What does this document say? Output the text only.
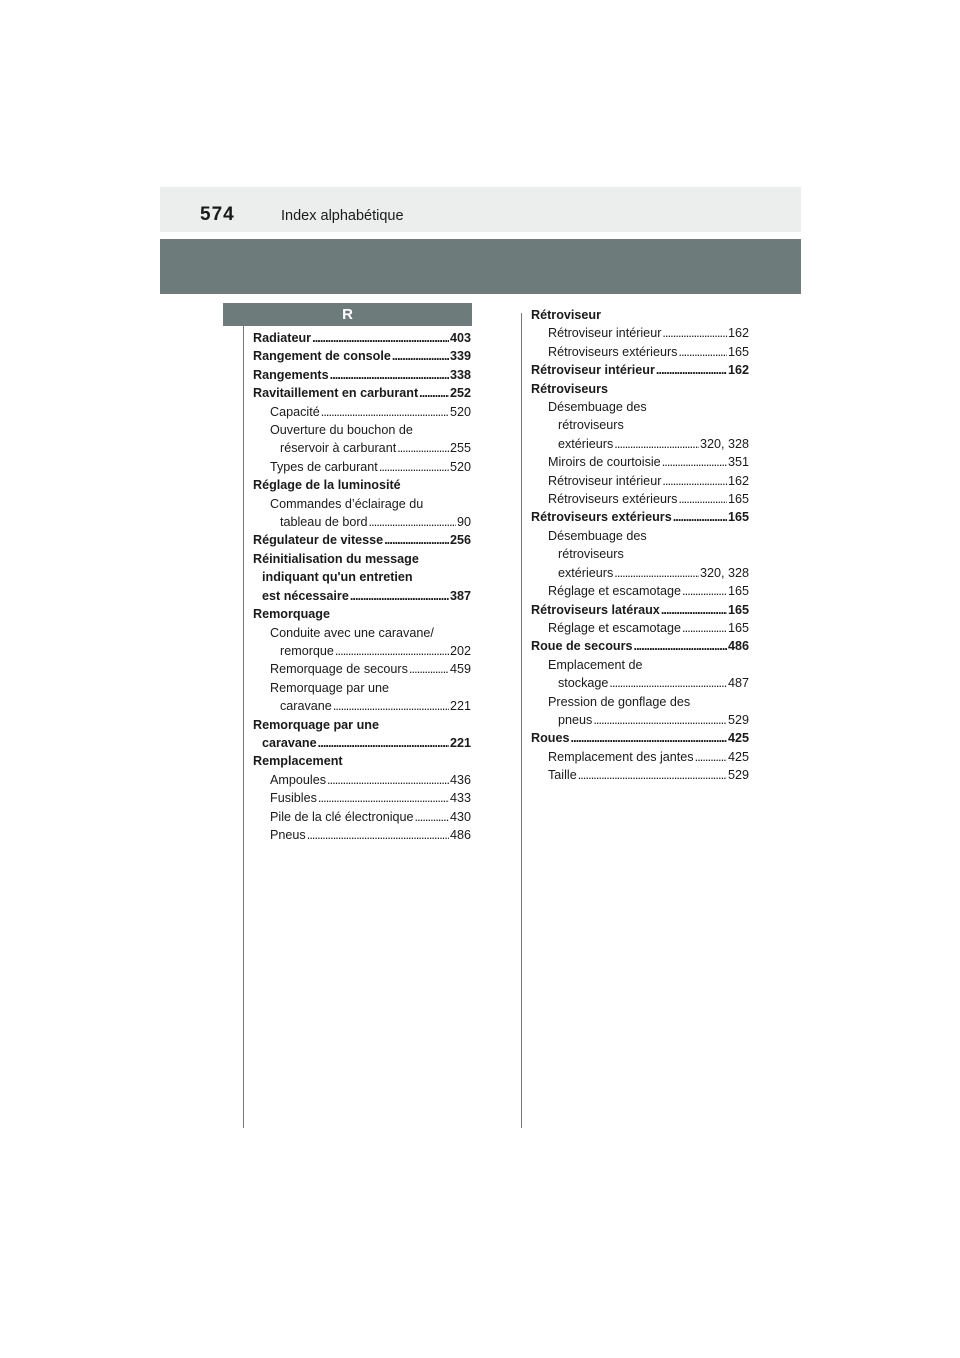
574	Index alphabétique
R
Radiateur . . .	403
Rangement de console . . .	339
Rangements . . .	338
Ravitaillement en carburant . . .	252
Capacité . . .	520
Ouverture du bouchon de
réservoir à carburant . . .	255
Types de carburant . . .	520
Réglage de la luminosité
Commandes d’éclairage du
tableau de bord . . .	90
Régulateur de vitesse . . .	256
Réinitialisation du message
indiquant qu'un entretien
est nécessaire . . .	387
Remorquage
Conduite avec une caravane/
remorque . . .	202
Remorquage de secours . . .	459
Remorquage par une
caravane . . .	221
Remorquage par une
caravane . . .	221
Remplacement
Ampoules . . .	436
Fusibles . . .	433
Pile de la clé électronique . . .	430
Pneus . . .	486
Rétroviseur
Rétroviseur intérieur . . .	162
Rétroviseurs extérieurs . . .	165
Rétroviseur intérieur . . .	162
Rétroviseurs
Désembuage des
rétroviseurs
extérieurs . . .	320, 328
Miroirs de courtoisie . . .	351
Rétroviseur intérieur . . .	162
Rétroviseurs extérieurs . . .	165
Rétroviseurs extérieurs . . .	165
Désembuage des
rétroviseurs
extérieurs . . .	320, 328
Réglage et escamotage . . .	165
Rétroviseurs latéraux . . .	165
Réglage et escamotage . . .	165
Roue de secours . . .	486
Emplacement de
stockage . . .	487
Pression de gonflage des
pneus . . .	529
Roues . . .	425
Remplacement des jantes . . .	425
Taille . . .	529
